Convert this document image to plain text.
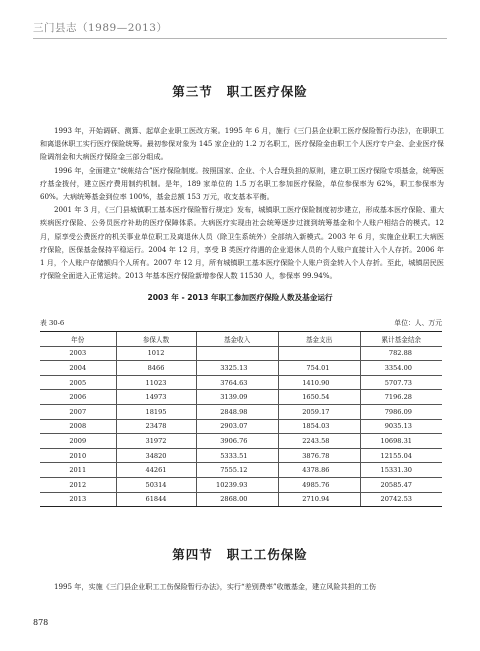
三门县志（1989—2013）
第三节 职工医疗保险

1993 年，开始调研、测算、起草企业职工医改方案。1995 年 6 月，施行《三门县企业职工医疗保险暂行办法》，在职职工和离退休职工实行医疗保险统筹。最初参保对象为 145 家企业的 1.2 万名职工，医疗保险金由职工个人医疗专户金、企业医疗保险调剂金和大病医疗保险金三部分组成。

1996 年，全面建立“统帐结合”医疗保险制度。按照国家、企业、个人合理负担的原则，建立职工医疗保险专项基金，统筹医疗基金拨付，建立医疗费用制约机制。是年，189 家单位的 1.5 万名职工参加医疗保险，单位参保率为 62%，职工参保率为 60%。大病统筹基金到位率 100%，基金总额 153 万元，收支基本平衡。

2001 年 3 月，《三门县城镇职工基本医疗保险暂行规定》发布，城镇职工医疗保险制度初步建立，形成基本医疗保险、重大疾病医疗保险、公务员医疗补助的医疗保障体系。大病医疗实现由社会统筹逐步过渡到统筹基金和个人账户相结合的模式。12 月，原享受公费医疗的机关事业单位职工及离退休人员（除卫生系统外）全部纳入新模式。2003 年 6 月，实施企业职工大病医疗保险，医保基金保持平稳运行。2004 年 12 月，享受 B 类医疗待遇的企业退休人员的个人账户直接计入个人存折。2006 年 1 月，个人账户存储额归个人所有。2007 年 12 月，所有城镇职工基本医疗保险个人账户资金转入个人存折。至此，城镇居民医疗保险全面进入正常运转。2013 年基本医疗保险新增参保人数 11530 人，参保率 99.94%。

2003 年 - 2013 年职工参加医疗保险人数及基金运行
表 30-6	单位：人、万元
年份	参保人数	基金收入	基金支出	累计基金结余
2003	1012			782.88
2004	8466	3325.13	754.01	3354.00
2005	11023	3764.63	1410.90	5707.73
2006	14973	3139.09	1650.54	7196.28
2007	18195	2848.98	2059.17	7986.09
2008	23478	2903.07	1854.03	9035.13
2009	31972	3906.76	2243.58	10698.31
2010	34820	5333.51	3876.78	12155.04
2011	44261	7555.12	4378.86	15331.30
2012	50314	10239.93	4985.76	20585.47
2013	61844	2868.00	2710.94	20742.53
第四节 职工工伤保险

1995 年，实施《三门县企业职工工伤保险暂行办法》，实行“差别费率”收缴基金，建立风险共担的工伤

878
